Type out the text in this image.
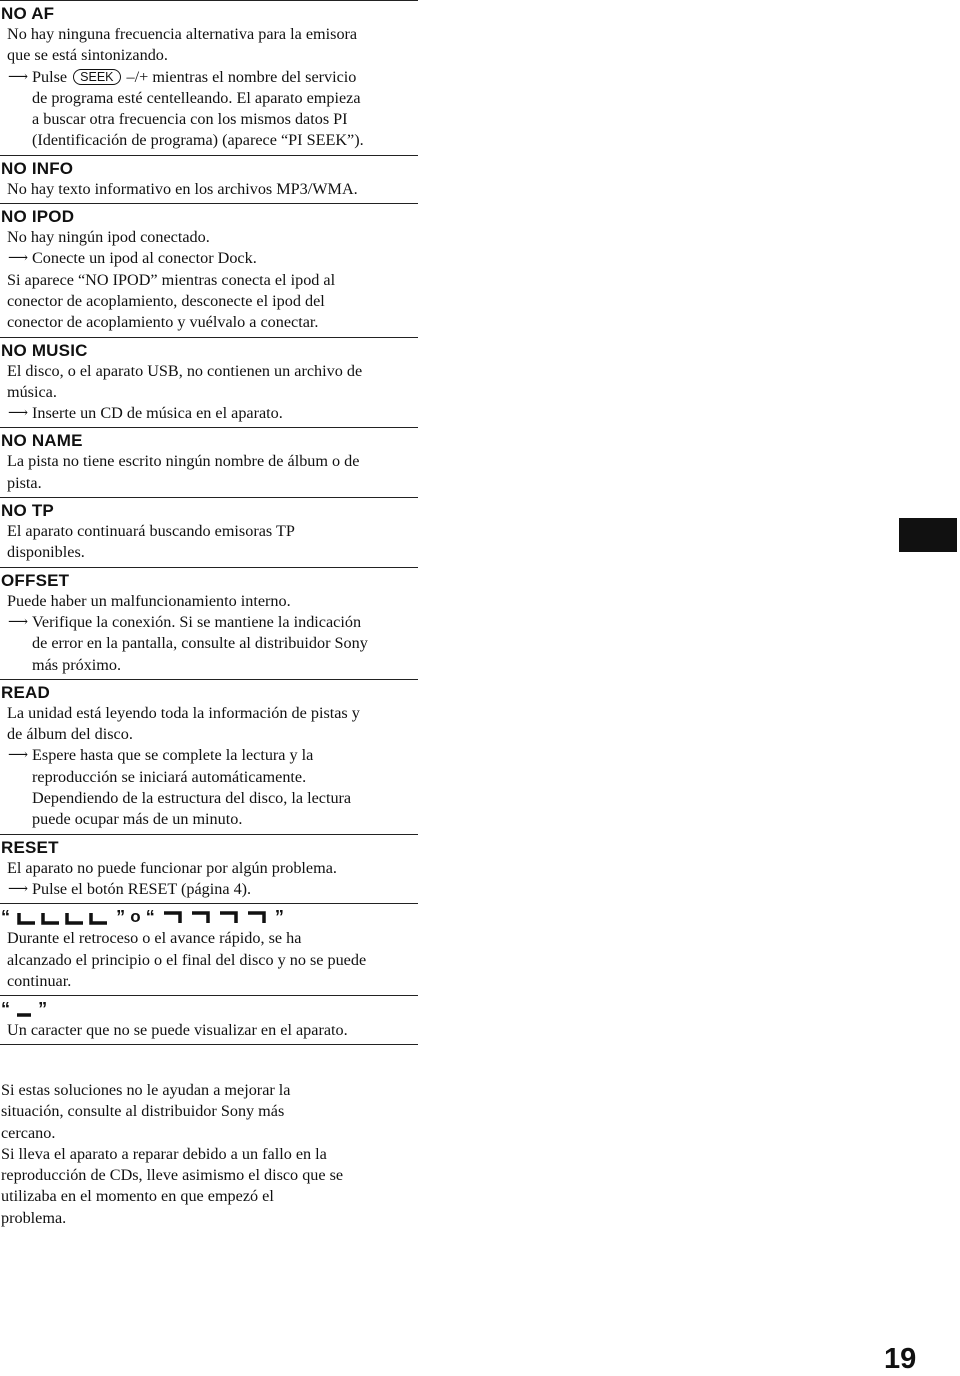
NO AF
No hay ninguna frecuencia alternativa para la emisora
que se está sintonizando.
⟶ Pulse SEEK –/+ mientras el nombre del servicio
de programa esté centelleando. El aparato empieza
a buscar otra frecuencia con los mismos datos PI
(Identificación de programa) (aparece “PI SEEK”).
NO INFO
No hay texto informativo en los archivos MP3/WMA.
NO IPOD
No hay ningún ipod conectado.
⟶ Conecte un ipod al conector Dock.
Si aparece “NO IPOD” mientras conecta el ipod al
conector de acoplamiento, desconecte el ipod del
conector de acoplamiento y vuélvalo a conectar.
NO MUSIC
El disco, o el aparato USB, no contienen un archivo de
música.
⟶ Inserte un CD de música en el aparato.
NO NAME
La pista no tiene escrito ningún nombre de álbum o de
pista.
NO TP
El aparato continuará buscando emisoras TP
disponibles.
OFFSET
Puede haber un malfuncionamiento interno.
⟶ Verifique la conexión. Si se mantiene la indicación
de error en la pantalla, consulte al distribuidor Sony
más próximo.
READ
La unidad está leyendo toda la información de pistas y
de álbum del disco.
⟶ Espere hasta que se complete la lectura y la
reproducción se iniciará automáticamente.
Dependiendo de la estructura del disco, la lectura
puede ocupar más de un minuto.
RESET
El aparato no puede funcionar por algún problema.
⟶ Pulse el botón RESET (página 4).
“	” o “	”
Durante el retroceso o el avance rápido, se ha
alcanzado el principio o el final del disco y no se puede
continuar.
“ ”
Un caracter que no se puede visualizar en el aparato.
Si estas soluciones no le ayudan a mejorar la
situación, consulte al distribuidor Sony más
cercano.
Si lleva el aparato a reparar debido a un fallo en la
reproducción de CDs, lleve asimismo el disco que se
utilizaba en el momento en que empezó el
problema.
19
